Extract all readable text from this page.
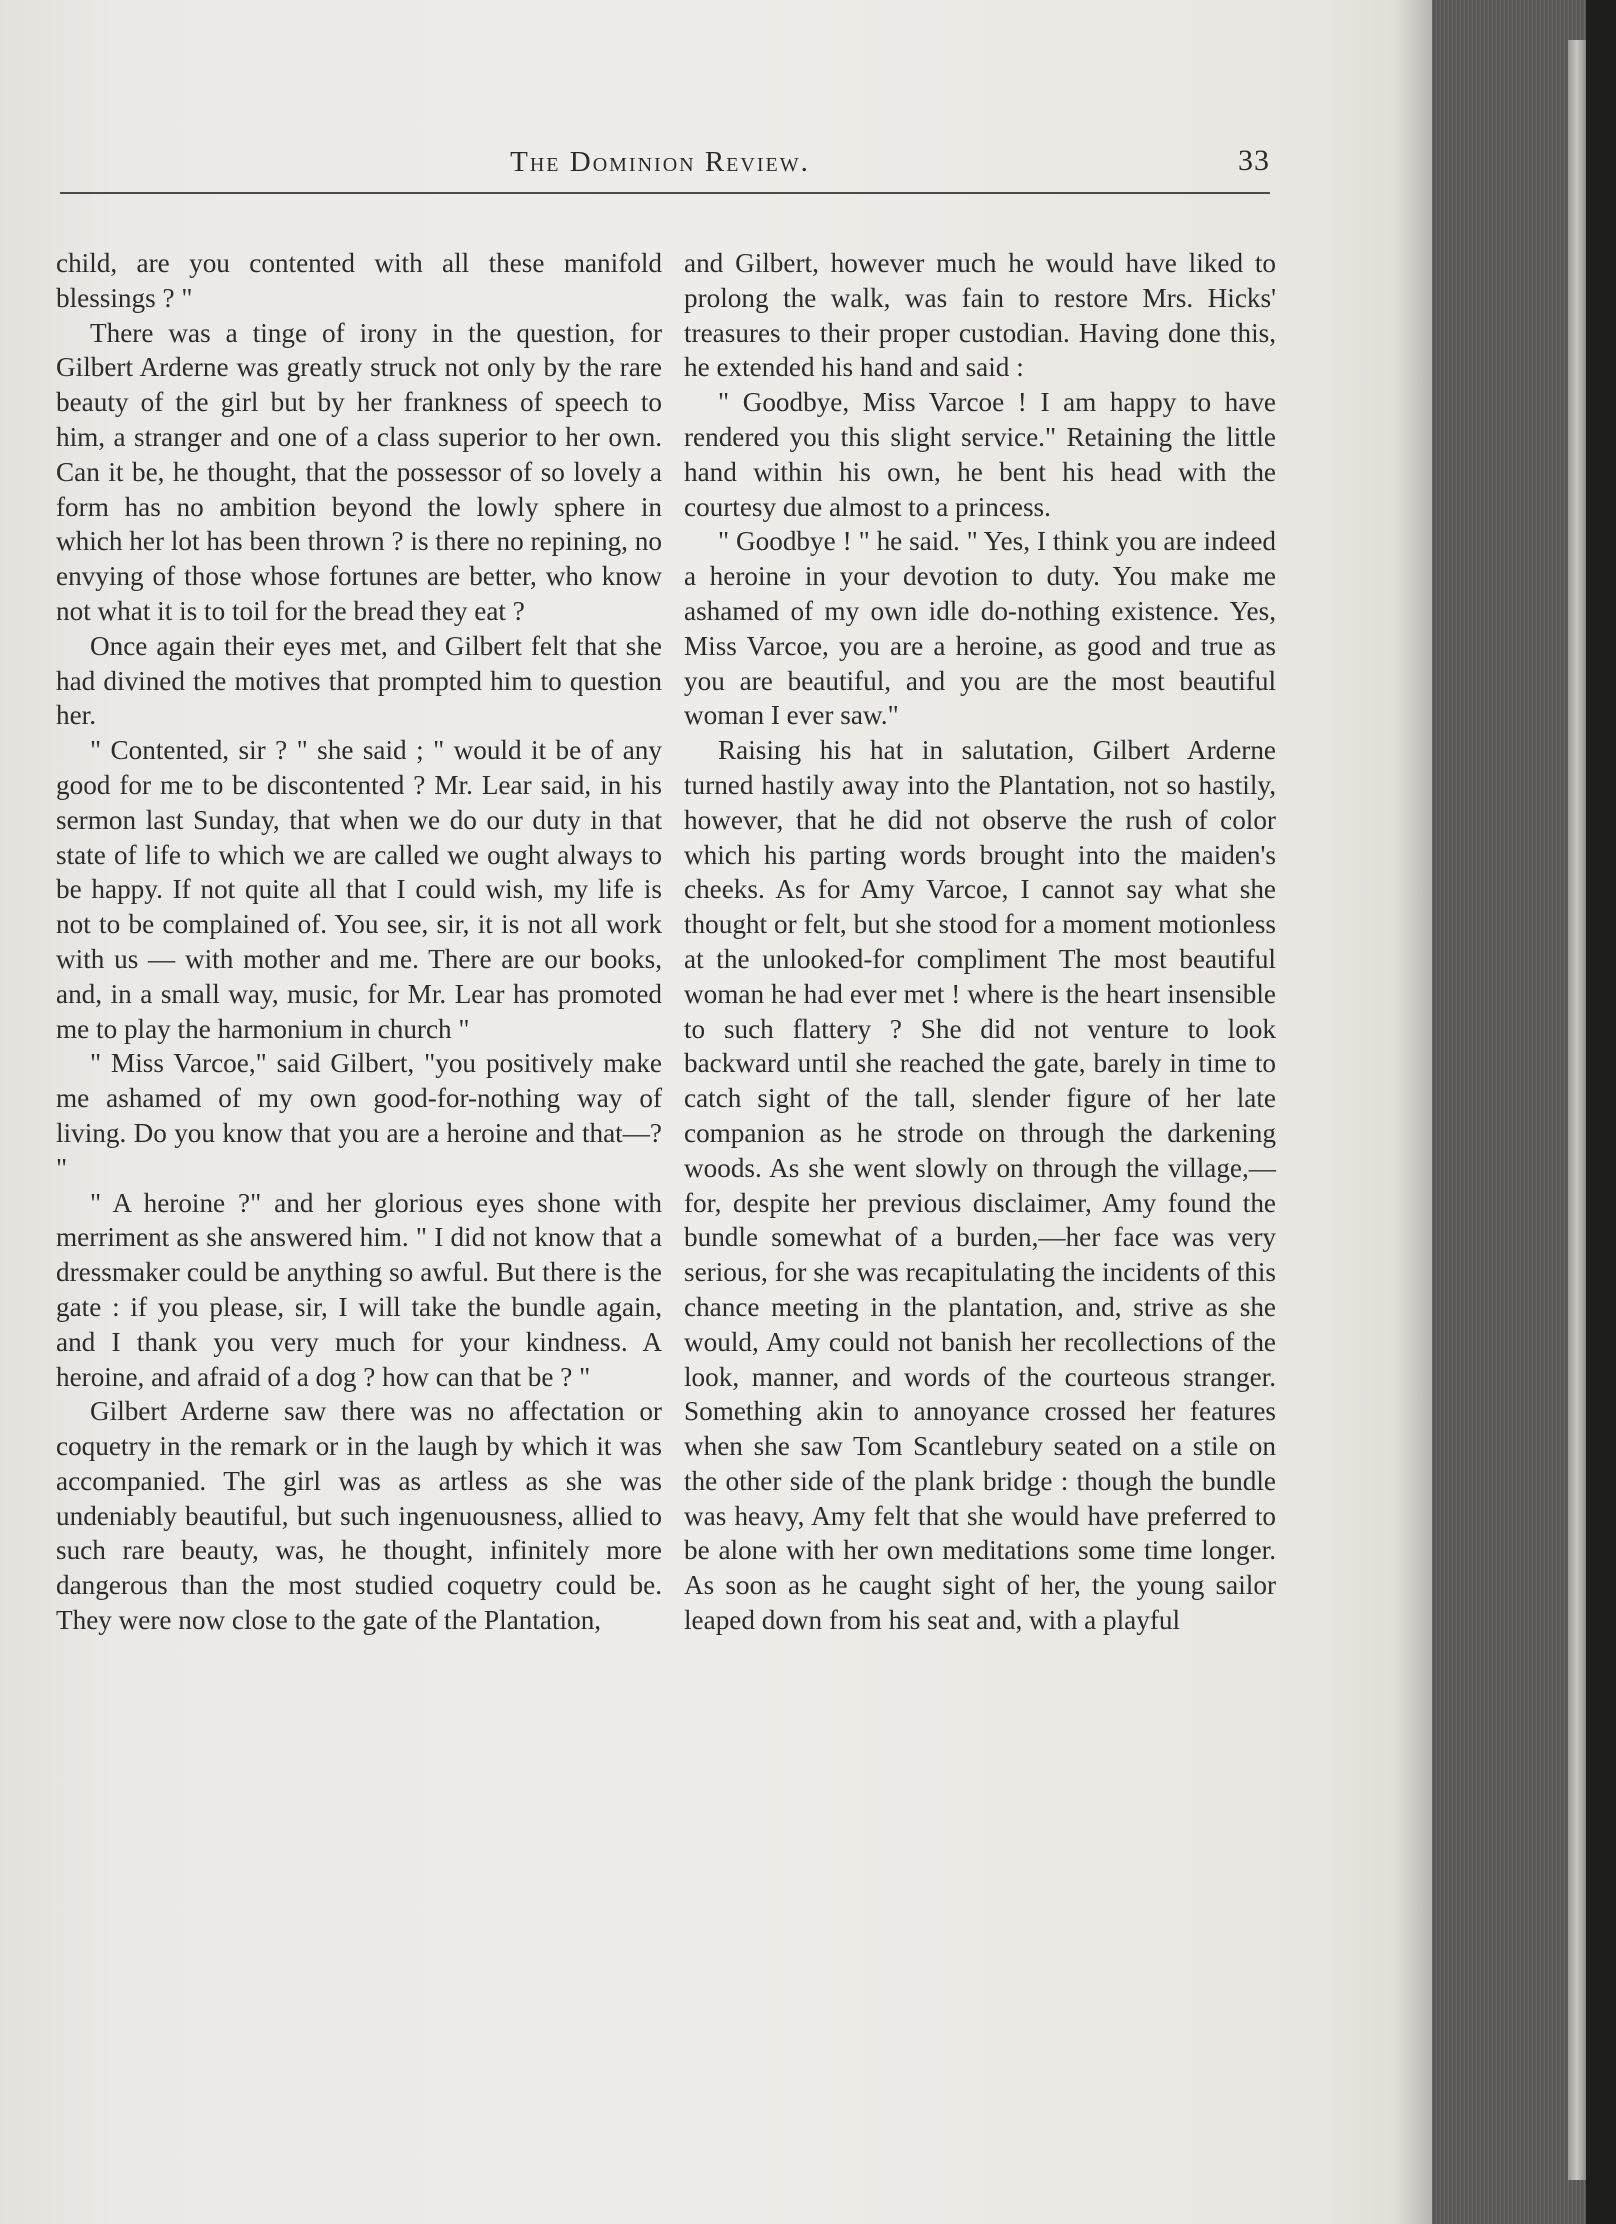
The Dominion Review.	33

child, are you contented with all these manifold blessings ? "

There was a tinge of irony in the question, for Gilbert Arderne was greatly struck not only by the rare beauty of the girl but by her frankness of speech to him, a stranger and one of a class superior to her own. Can it be, he thought, that the possessor of so lovely a form has no ambition beyond the lowly sphere in which her lot has been thrown ? is there no repining, no envying of those whose fortunes are better, who know not what it is to toil for the bread they eat ?

Once again their eyes met, and Gilbert felt that she had divined the motives that prompted him to question her.

" Contented, sir ? " she said ; " would it be of any good for me to be discontented ? Mr. Lear said, in his sermon last Sunday, that when we do our duty in that state of life to which we are called we ought always to be happy. If not quite all that I could wish, my life is not to be complained of. You see, sir, it is not all work with us — with mother and me. There are our books, and, in a small way, music, for Mr. Lear has promoted me to play the harmonium in church "

" Miss Varcoe," said Gilbert, "you positively make me ashamed of my own good-for-nothing way of living. Do you know that you are a heroine and that—? "

" A heroine ?" and her glorious eyes shone with merriment as she answered him. " I did not know that a dressmaker could be anything so awful. But there is the gate : if you please, sir, I will take the bundle again, and I thank you very much for your kindness. A heroine, and afraid of a dog ? how can that be ? "

Gilbert Arderne saw there was no affectation or coquetry in the remark or in the laugh by which it was accompanied. The girl was as artless as she was undeniably beautiful, but such ingenuousness, allied to such rare beauty, was, he thought, infinitely more dangerous than the most studied coquetry could be. They were now close to the gate of the Plantation,

and Gilbert, however much he would have liked to prolong the walk, was fain to restore Mrs. Hicks' treasures to their proper custodian. Having done this, he extended his hand and said :

" Goodbye, Miss Varcoe ! I am happy to have rendered you this slight service." Retaining the little hand within his own, he bent his head with the courtesy due almost to a princess.

" Goodbye ! " he said. " Yes, I think you are indeed a heroine in your devotion to duty. You make me ashamed of my own idle do-nothing existence. Yes, Miss Varcoe, you are a heroine, as good and true as you are beautiful, and you are the most beautiful woman I ever saw."

Raising his hat in salutation, Gilbert Arderne turned hastily away into the Plantation, not so hastily, however, that he did not observe the rush of color which his parting words brought into the maiden's cheeks. As for Amy Varcoe, I cannot say what she thought or felt, but she stood for a moment motionless at the unlooked-for compliment The most beautiful woman he had ever met ! where is the heart insensible to such flattery ? She did not venture to look backward until she reached the gate, barely in time to catch sight of the tall, slender figure of her late companion as he strode on through the darkening woods. As she went slowly on through the village,—for, despite her previous disclaimer, Amy found the bundle somewhat of a burden,—her face was very serious, for she was recapitulating the incidents of this chance meeting in the plantation, and, strive as she would, Amy could not banish her recollections of the look, manner, and words of the courteous stranger. Something akin to annoyance crossed her features when she saw Tom Scantlebury seated on a stile on the other side of the plank bridge : though the bundle was heavy, Amy felt that she would have preferred to be alone with her own meditations some time longer. As soon as he caught sight of her, the young sailor leaped down from his seat and, with a playful
